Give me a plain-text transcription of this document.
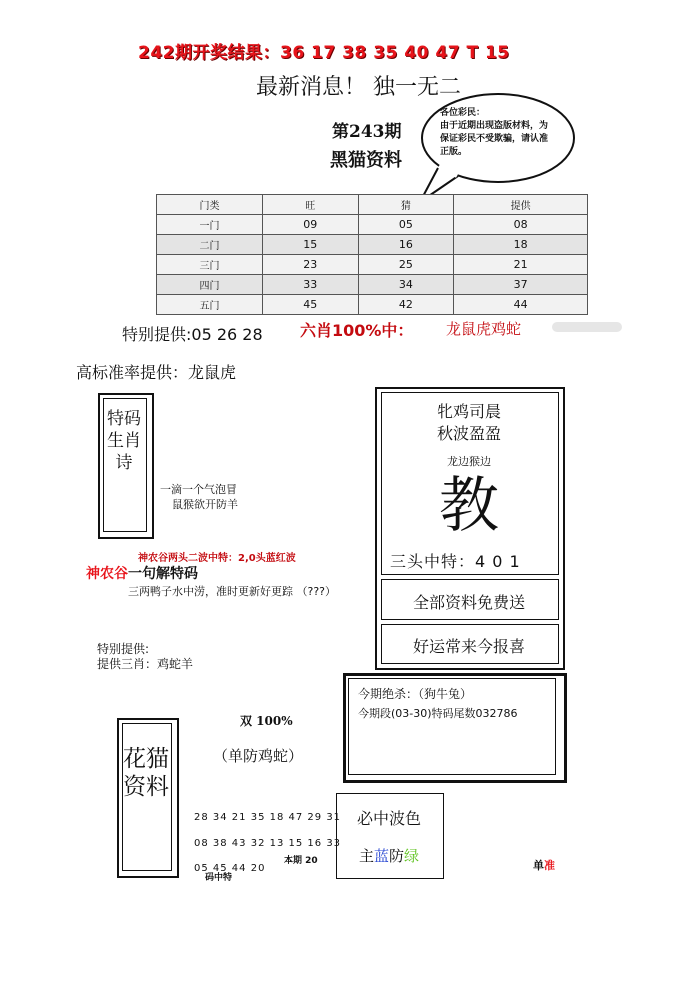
242期开奖结果：36 17 38 35 40 47 T 15
最新消息！ 独一无二
第243期
黑猫资料
各位彩民：
由于近期出现盗版材料，为保证彩民不受欺骗，请认准正版。
门类	旺	猜	提供
一门	09	05	08
二门	15	16	18
三门	23	25	21
四门	33	34	37
五门	45	42	44
特别提供:05 26 28 六肖100%中： 龙鼠虎鸡蛇
高标准率提供：龙鼠虎
特码生肖诗
一滴一个气泡冒
鼠猴欲开防羊
牝鸡司晨
秋波盈盈
龙边猴边
教
三头中特：4 0 1
全部资料免费送
好运常来今报喜
神农谷两头二波中特：2,0头蓝红波
神农谷一句解特码
三两鸭子水中涝，准时更新好更踪 （???）
特别提供:
提供三肖：鸡蛇羊
今期绝杀：（狗牛兔）
今期段(03-30)特码尾数032786
双 100%
（单防鸡蛇）
花猫资料
28 34 21 35 18 47 29 31
08 38 43 32 13 15 16 33
05 45 44 20
本期 20
码中特
必中波色
主蓝防绿
单准
